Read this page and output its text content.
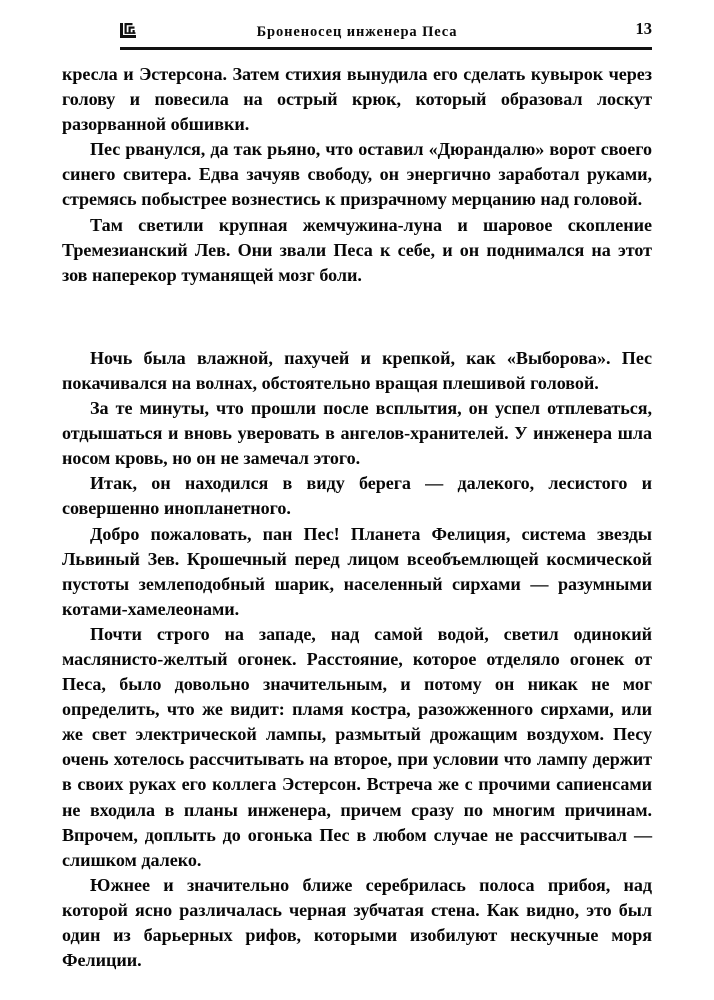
Броненосец инженера Песа	13

кресла и Эстерсона. Затем стихия вынудила его сделать кувырок через голову и повесила на острый крюк, который образовал лоскут разорванной обшивки.

Пес рванулся, да так рьяно, что оставил «Дюрандалю» ворот своего синего свитера. Едва зачуяв свободу, он энергично заработал руками, стремясь побыстрее вознестись к призрачному мерцанию над головой.

Там светили крупная жемчужина-луна и шаровое скопление Тремезианский Лев. Они звали Песа к себе, и он поднимался на этот зов наперекор туманящей мозг боли.

Ночь была влажной, пахучей и крепкой, как «Выборова». Пес покачивался на волнах, обстоятельно вращая плешивой головой.

За те минуты, что прошли после всплытия, он успел отплеваться, отдышаться и вновь уверовать в ангелов-хранителей. У инженера шла носом кровь, но он не замечал этого.

Итак, он находился в виду берега — далекого, лесистого и совершенно инопланетного.

Добро пожаловать, пан Пес! Планета Фелиция, система звезды Львиный Зев. Крошечный перед лицом всеобъемлющей космической пустоты землеподобный шарик, населенный сирхами — разумными котами-хамелеонами.

Почти строго на западе, над самой водой, светил одинокий маслянисто-желтый огонек. Расстояние, которое отделяло огонек от Песа, было довольно значительным, и потому он никак не мог определить, что же видит: пламя костра, разожженного сирхами, или же свет электрической лампы, размытый дрожащим воздухом. Песу очень хотелось рассчитывать на второе, при условии что лампу держит в своих руках его коллега Эстерсон. Встреча же с прочими сапиенсами не входила в планы инженера, причем сразу по многим причинам. Впрочем, доплыть до огонька Пес в любом случае не рассчитывал — слишком далеко.

Южнее и значительно ближе серебрилась полоса прибоя, над которой ясно различалась черная зубчатая стена. Как видно, это был один из барьерных рифов, которыми изобилуют нескучные моря Фелиции.
